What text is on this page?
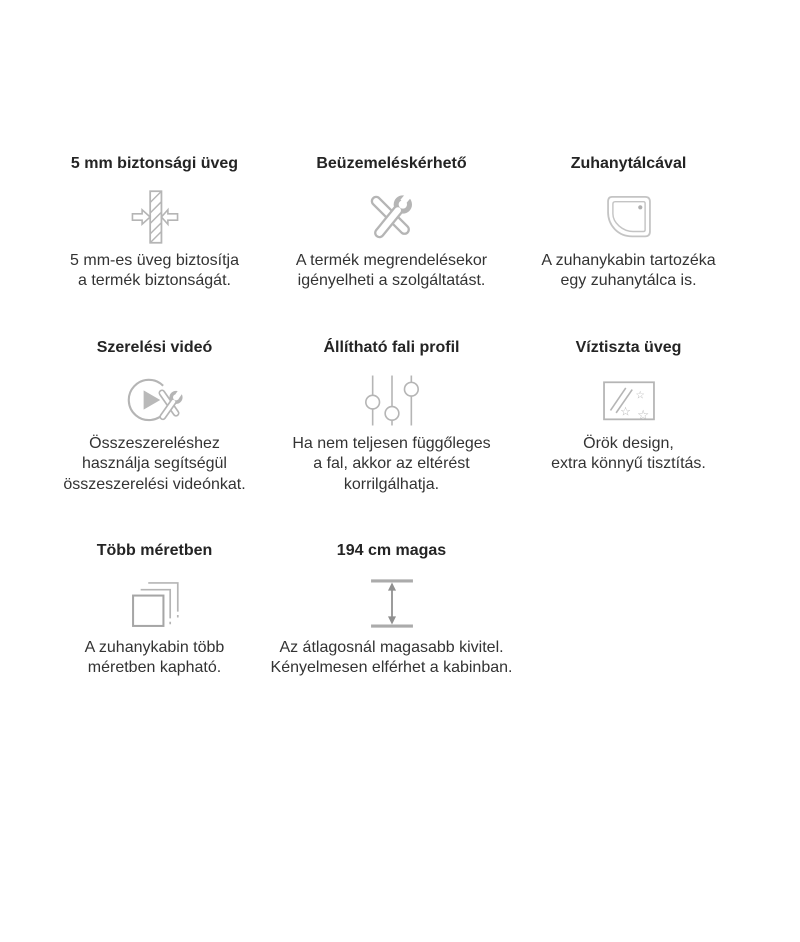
5 mm biztonsági üveg

5 mm-es üveg biztosítja
a termék biztonságát.

Beüzemelés kérhető

A termék megrendelésekor
igényelheti a szolgáltatást.

Zuhanytálcával

A zuhanykabin tartozéka
egy zuhanytálca is.

Szerelési videó

Összeszereléshez
használja segítségül
összeszerelési videónkat.

Állítható fali profil

Ha nem teljesen függőleges
a fal, akkor az eltérést
korrilgálhatja.

Víztiszta üveg
☆
☆ ☆

Örök design,
extra könnyű tisztítás.

Több méretben

A zuhanykabin több
méretben kapható.

194 cm magas

Az átlagosnál magasabb kivitel.
Kényelmesen elférhet a kabinban.
